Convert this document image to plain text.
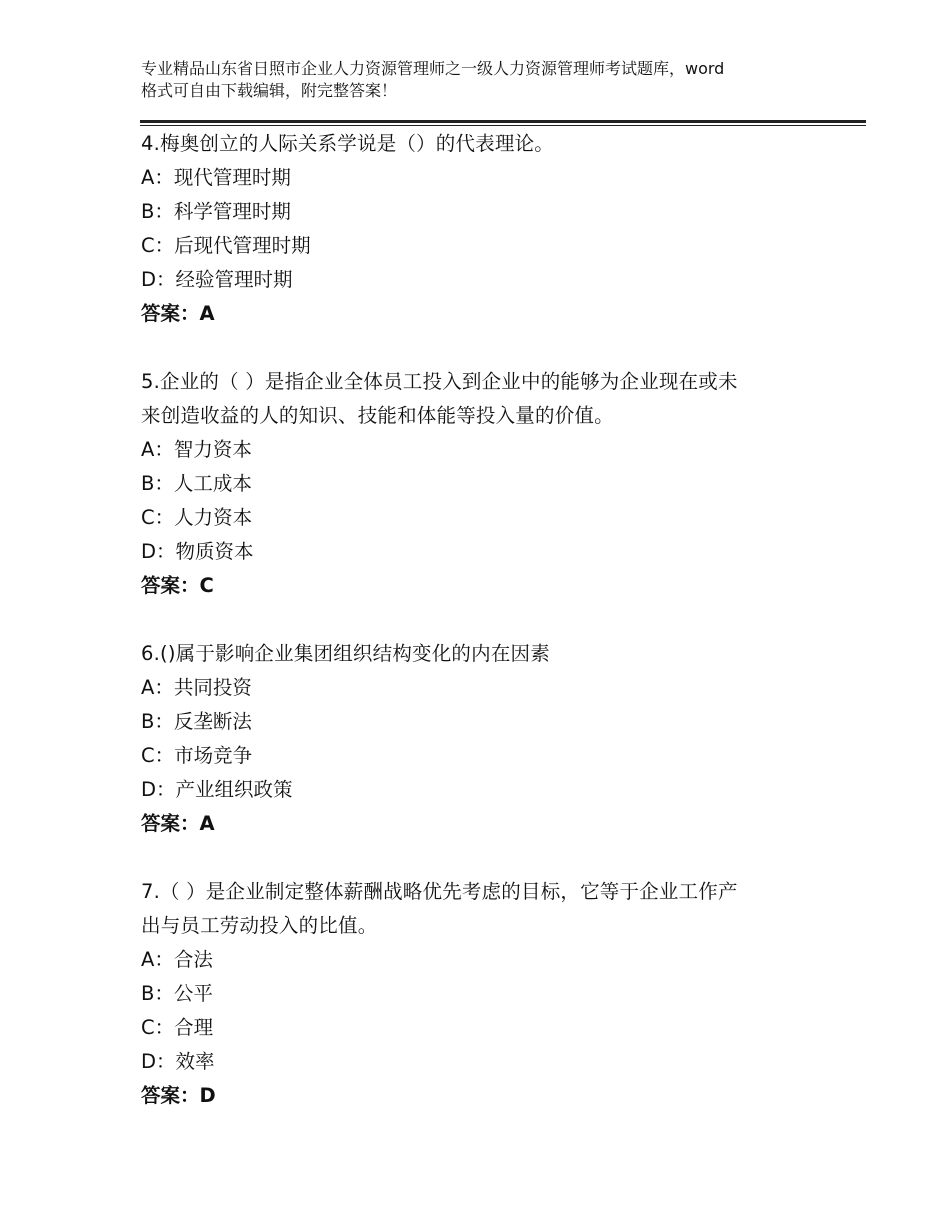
专业精品山东省日照市企业人力资源管理师之一级人力资源管理师考试题库，word
格式可自由下载编辑，附完整答案！
4.梅奥创立的人际关系学说是（）的代表理论。
A：现代管理时期
B：科学管理时期
C：后现代管理时期
D：经验管理时期
答案：A
5.企业的（ ）是指企业全体员工投入到企业中的能够为企业现在或未
来创造收益的人的知识、技能和体能等投入量的价值。
A：智力资本
B：人工成本
C：人力资本
D：物质资本
答案：C
6.()属于影响企业集团组织结构变化的内在因素
A：共同投资
B：反垄断法
C：市场竞争
D：产业组织政策
答案：A
7.（ ）是企业制定整体薪酬战略优先考虑的目标，它等于企业工作产
出与员工劳动投入的比值。
A：合法
B：公平
C：合理
D：效率
答案：D
